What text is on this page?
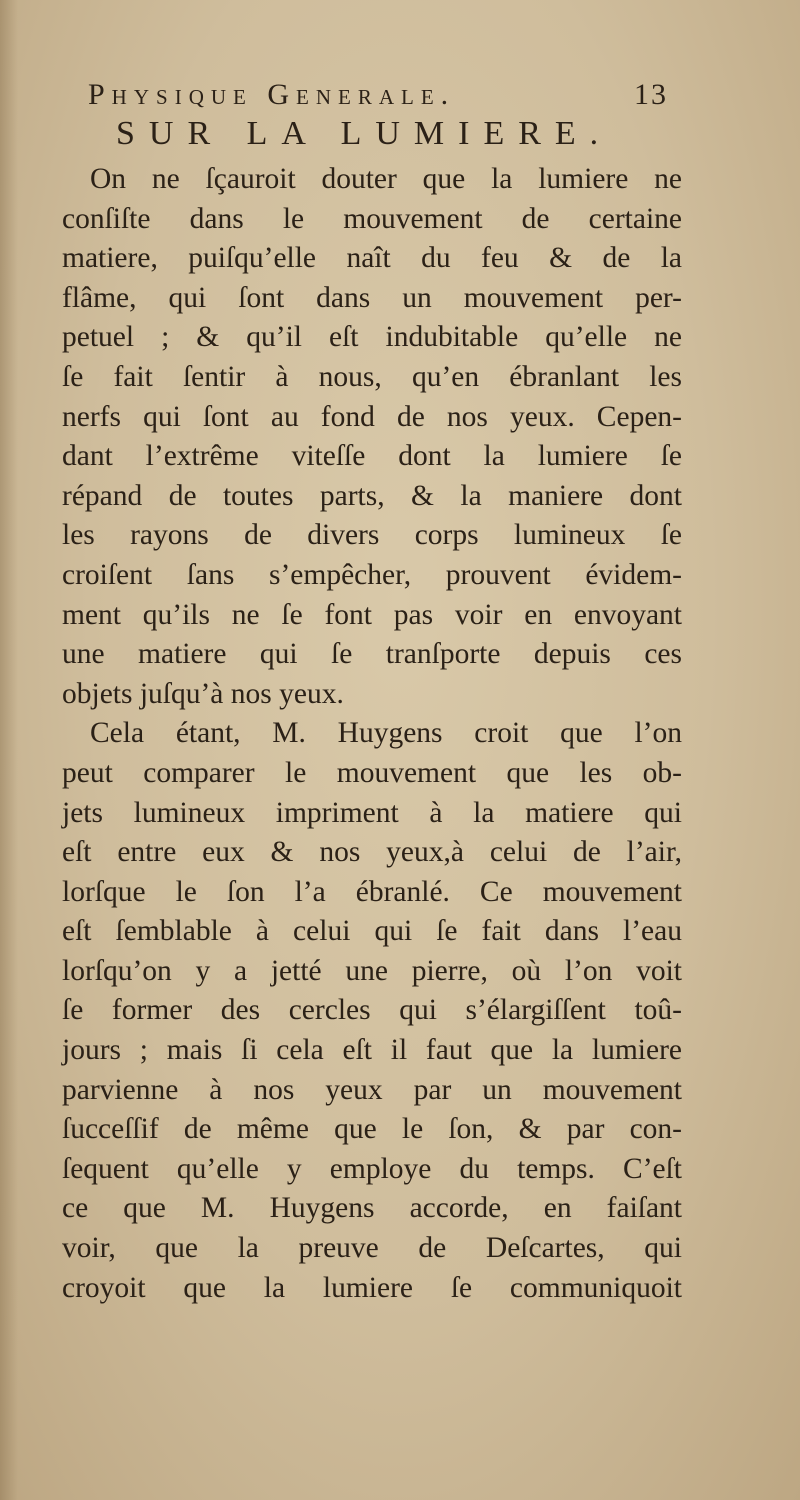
Physique Generale.	13
SUR LA LUMIERE.
On ne ſçauroit douter que la lumiere ne
conſiſte dans le mouvement de certaine
matiere, puiſqu’elle naît du feu & de la
flâme, qui ſont dans un mouvement per-
petuel ; & qu’il eſt indubitable qu’elle ne
ſe fait ſentir à nous, qu’en ébranlant les
nerfs qui ſont au fond de nos yeux. Cepen-
dant l’extrême viteſſe dont la lumiere ſe
répand de toutes parts, & la maniere dont
les rayons de divers corps lumineux ſe
croiſent ſans s’empêcher, prouvent évidem-
ment qu’ils ne ſe font pas voir en envoyant
une matiere qui ſe tranſporte depuis ces
objets juſqu’à nos yeux.
Cela étant, M. Huygens croit que l’on
peut comparer le mouvement que les ob-
jets lumineux impriment à la matiere qui
eſt entre eux & nos yeux,à celui de l’air,
lorſque le ſon l’a ébranlé. Ce mouvement
eſt ſemblable à celui qui ſe fait dans l’eau
lorſqu’on y a jetté une pierre, où l’on voit
ſe former des cercles qui s’élargiſſent toû-
jours ; mais ſi cela eſt il faut que la lumiere
parvienne à nos yeux par un mouvement
ſucceſſif de même que le ſon, & par con-
ſequent qu’elle y employe du temps. C’eſt
ce que M. Huygens accorde, en faiſant
voir, que la preuve de Deſcartes, qui
croyoit que la lumiere ſe communiquoit
